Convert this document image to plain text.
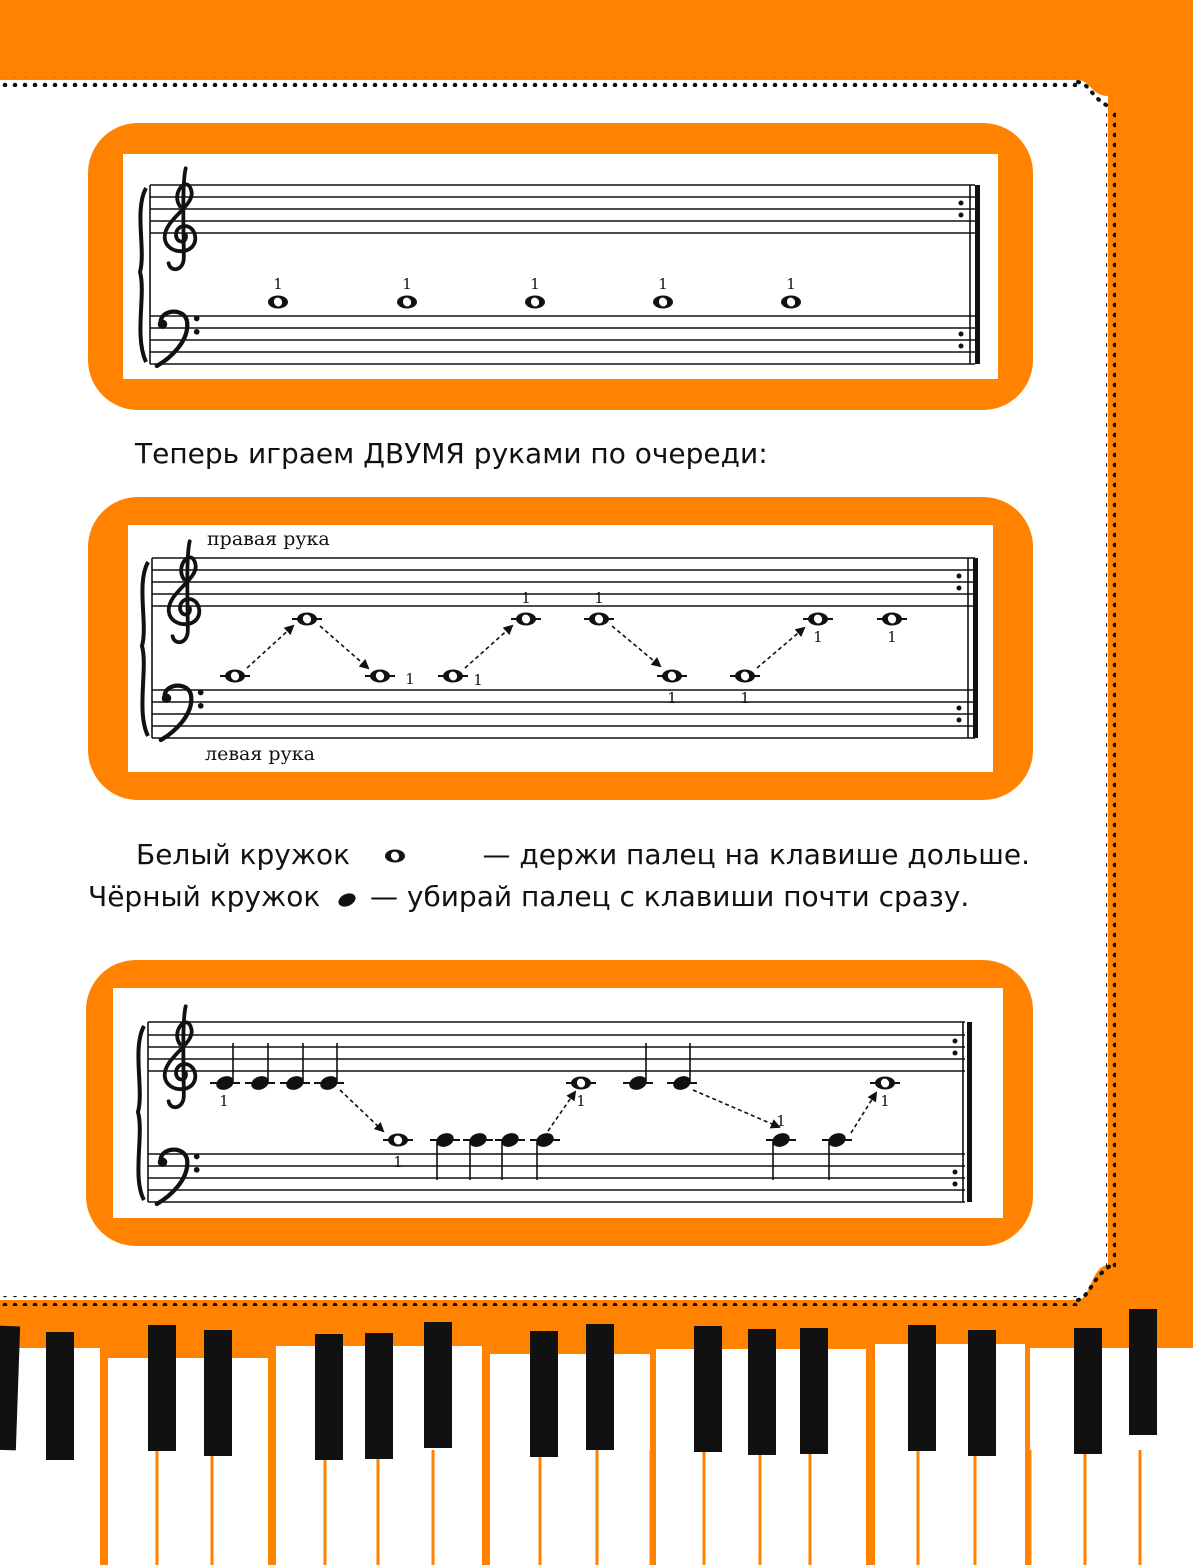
1	1	1	1	1
правая рука
левая рука
1	1
1	1
1	1
1	1
1
1
1
1
1
Теперь играем ДВУМЯ руками по очереди:
Белый кружок	— держи палец на клавише дольше.
Чёрный кружок — убирай палец с клавиши почти сразу.
